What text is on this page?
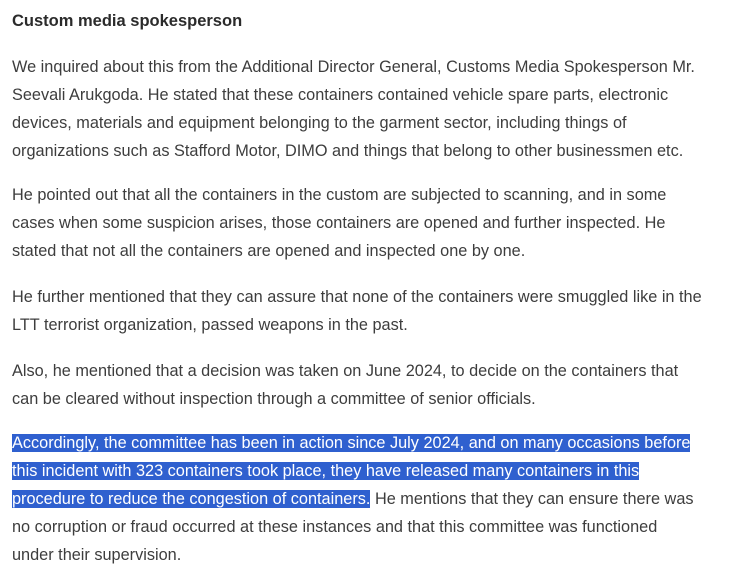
Custom media spokesperson

We inquired about this from the Additional Director General, Customs Media Spokesperson Mr.
Seevali Arukgoda. He stated that these containers contained vehicle spare parts, electronic
devices, materials and equipment belonging to the garment sector, including things of
organizations such as Stafford Motor, DIMO and things that belong to other businessmen etc.

He pointed out that all the containers in the custom are subjected to scanning, and in some
cases when some suspicion arises, those containers are opened and further inspected. He
stated that not all the containers are opened and inspected one by one.

He further mentioned that they can assure that none of the containers were smuggled like in the
LTT terrorist organization, passed weapons in the past.

Also, he mentioned that a decision was taken on June 2024, to decide on the containers that
can be cleared without inspection through a committee of senior officials.

Accordingly, the committee has been in action since July 2024, and on many occasions before
this incident with 323 containers took place, they have released many containers in this
procedure to reduce the congestion of containers. He mentions that they can ensure there was
no corruption or fraud occurred at these instances and that this committee was functioned
under their supervision.
